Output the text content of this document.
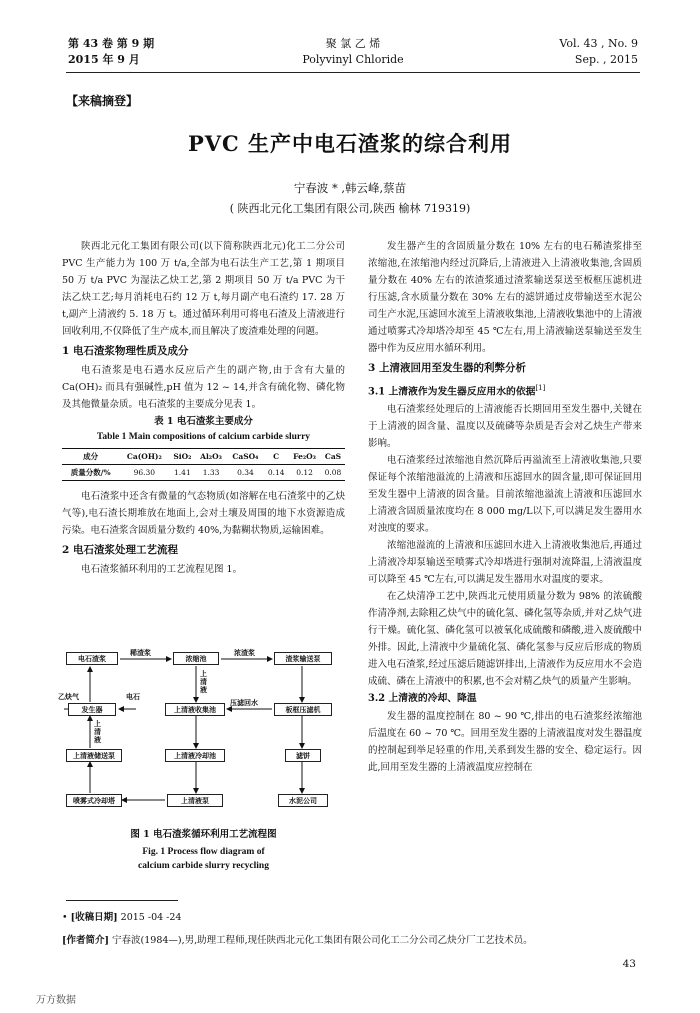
第 43 卷 第 9 期
2015 年 9 月
聚 氯 乙 烯
Polyvinyl Chloride
Vol. 43 , No. 9
Sep. , 2015
【来稿摘登】
PVC 生产中电石渣浆的综合利用
宁春波 * ,韩云峰,蔡苗
( 陕西北元化工集团有限公司,陕西 榆林 719319)

陕西北元化工集团有限公司(以下简称陕西北元)化工二分公司 PVC 生产能力为 100 万 t/a,全部为电石法生产工艺,第 1 期项目 50 万 t/a PVC 为湿法乙炔工艺,第 2 期项目 50 万 t/a PVC 为干法乙炔工艺;每月消耗电石约 12 万 t,每月副产电石渣约 17. 28 万 t,副产上清液约 5. 18 万 t。通过循环利用可将电石渣及上清液进行回收利用,不仅降低了生产成本,而且解决了废渣难处理的问题。

1 电石渣浆物理性质及成分

电石渣浆是电石遇水反应后产生的副产物,由于含有大量的 Ca(OH)₂ 而具有强碱性,pH 值为 12 ~ 14,并含有硫化物、磷化物及其他微量杂质。电石渣浆的主要成分见表 1。

表 1 电石渣浆主要成分
Table 1 Main compositions of calcium carbide slurry
成分	Ca(OH)₂	SiO₂	Al₂O₃	CaSO₄	C	Fe₂O₃	CaS
质量分数/%	96.30	1.41	1.33	0.34	0.14	0.12	0.08

电石渣浆中还含有微量的气态物质(如溶解在电石渣浆中的乙炔气等),电石渣长期堆放在地面上,会对土壤及周围的地下水资源造成污染。电石渣浆含固质量分数约 40%,为黏糊状物质,运输困难。

2 电石渣浆处理工艺流程

电石渣浆循环利用的工艺流程见图 1。

电石渣浆	浓缩池	渣浆输送泵
发生器	上清液收集池	板框压滤机
上清液储送泵	上清液冷却池	滤饼
喷雾式冷却塔	上清液泵	水泥公司
稀渣浆	浓渣浆
乙炔气	电石
压滤回水
上清液
上清液
图 1 电石渣浆循环利用工艺流程图
Fig. 1 Process flow diagram of
calcium carbide slurry recycling

发生器产生的含固质量分数在 10% 左右的电石稀渣浆排至浓缩池,在浓缩池内经过沉降后,上清液进入上清液收集池,含固质量分数在 40% 左右的浓渣浆通过渣浆输送泵送至板框压滤机进行压滤,含水质量分数在 30% 左右的滤饼通过皮带输送至水泥公司生产水泥,压滤回水流至上清液收集池,上清液收集池中的上清液通过喷雾式冷却塔冷却至 45 ℃左右,用上清液输送泵输送至发生器中作为反应用水循环利用。

3 上清液回用至发生器的利弊分析
3.1 上清液作为发生器反应用水的依据[1]

电石渣浆经处理后的上清液能否长期回用至发生器中,关键在于上清液的固含量、温度以及硫磷等杂质是否会对乙炔生产带来影响。

电石渣浆经过浓缩池自然沉降后再溢流至上清液收集池,只要保证每个浓缩池溢流的上清液和压滤回水的固含量,即可保证回用至发生器中上清液的固含量。目前浓缩池溢流上清液和压滤回水上清液含固质量浓度均在 8 000 mg/L以下,可以满足发生器用水对浊度的要求。

浓缩池溢流的上清液和压滤回水进入上清液收集池后,再通过上清液冷却泵输送至喷雾式冷却塔进行强制对流降温,上清液温度可以降至 45 ℃左右,可以满足发生器用水对温度的要求。

在乙炔清净工艺中,陕西北元使用质量分数为 98% 的浓硫酸作清净剂,去除粗乙炔气中的硫化氢、磷化氢等杂质,并对乙炔气进行干燥。硫化氢、磷化氢可以被氧化成硫酸和磷酸,进入废硫酸中外排。因此,上清液中少量硫化氢、磷化氢参与反应后形成的物质进入电石渣浆,经过压滤后随滤饼排出,上清液作为反应用水不会造成硫、磷在上清液中的积累,也不会对精乙炔气的质量产生影响。

3.2 上清液的冷却、降温

发生器的温度控制在 80 ~ 90 ℃,排出的电石渣浆经浓缩池后温度在 60 ~ 70 ℃。回用至发生器的上清液温度对发生器温度的控制起到举足轻重的作用,关系到发生器的安全、稳定运行。因此,回用至发生器的上清液温度应控制在

• [收稿日期] 2015 -04 -24
[作者简介] 宁春波(1984—),男,助理工程师,现任陕西北元化工集团有限公司化工二分公司乙炔分厂工艺技术员。
43
万方数据
